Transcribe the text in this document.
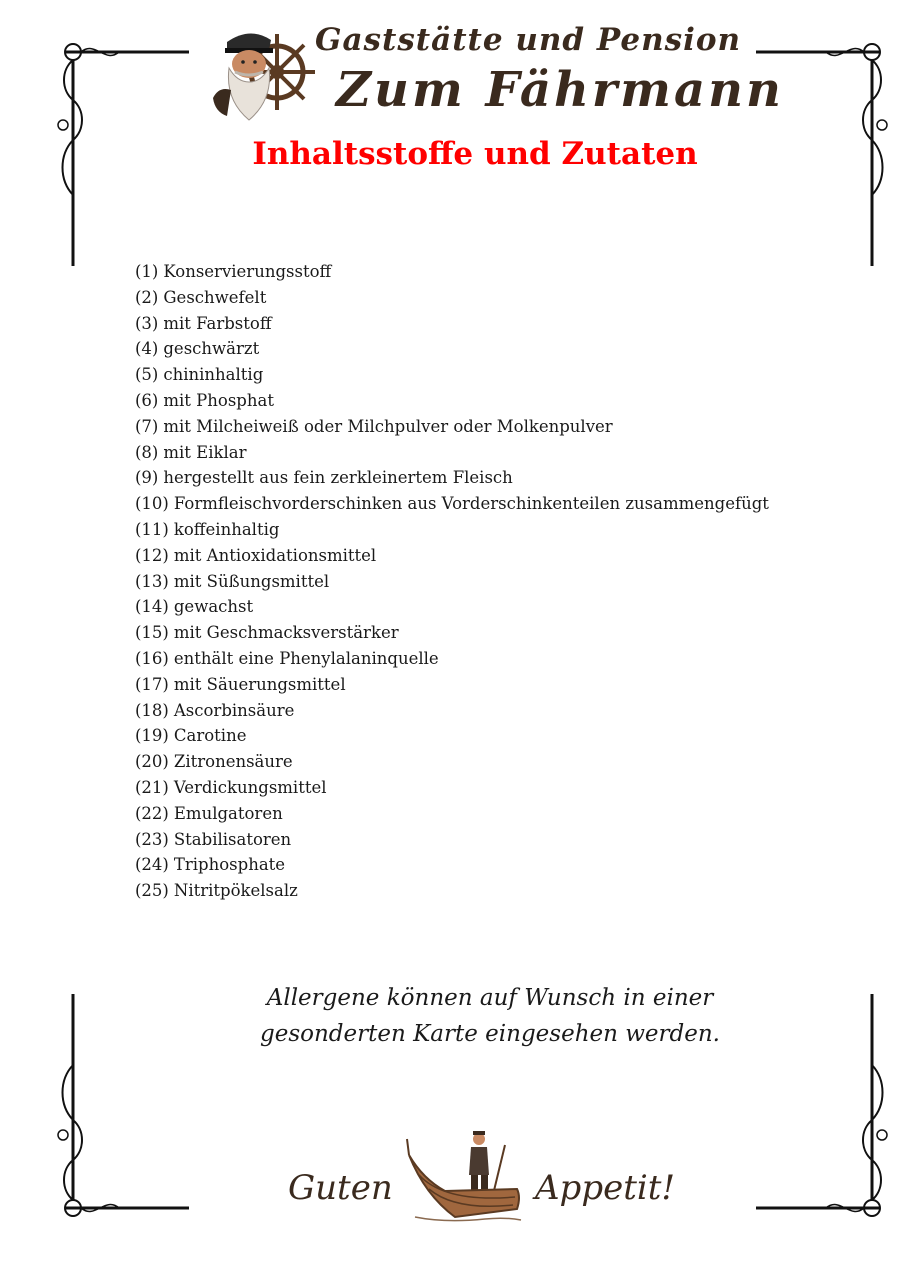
Gaststätte und Pension
Zum Fährmann
Inhaltsstoffe und Zutaten
(1) Konservierungsstoff
(2) Geschwefelt
(3) mit Farbstoff
(4) geschwärzt
(5) chininhaltig
(6) mit Phosphat
(7) mit Milcheiweiß oder Milchpulver oder Molkenpulver
(8) mit Eiklar
(9) hergestellt aus fein zerkleinertem Fleisch
(10) Formfleischvorderschinken aus Vorderschinkenteilen zusammengefügt
(11) koffeinhaltig
(12) mit Antioxidationsmittel
(13) mit Süßungsmittel
(14) gewachst
(15) mit Geschmacksverstärker
(16) enthält eine Phenylalaninquelle
(17) mit Säuerungsmittel
(18) Ascorbinsäure
(19) Carotine
(20) Zitronensäure
(21) Verdickungsmittel
(22) Emulgatoren
(23) Stabilisatoren
(24) Triphosphate
(25) Nitritpökelsalz
Allergene können auf Wunsch in einer
gesonderten Karte eingesehen werden.
Guten	Appetit!
